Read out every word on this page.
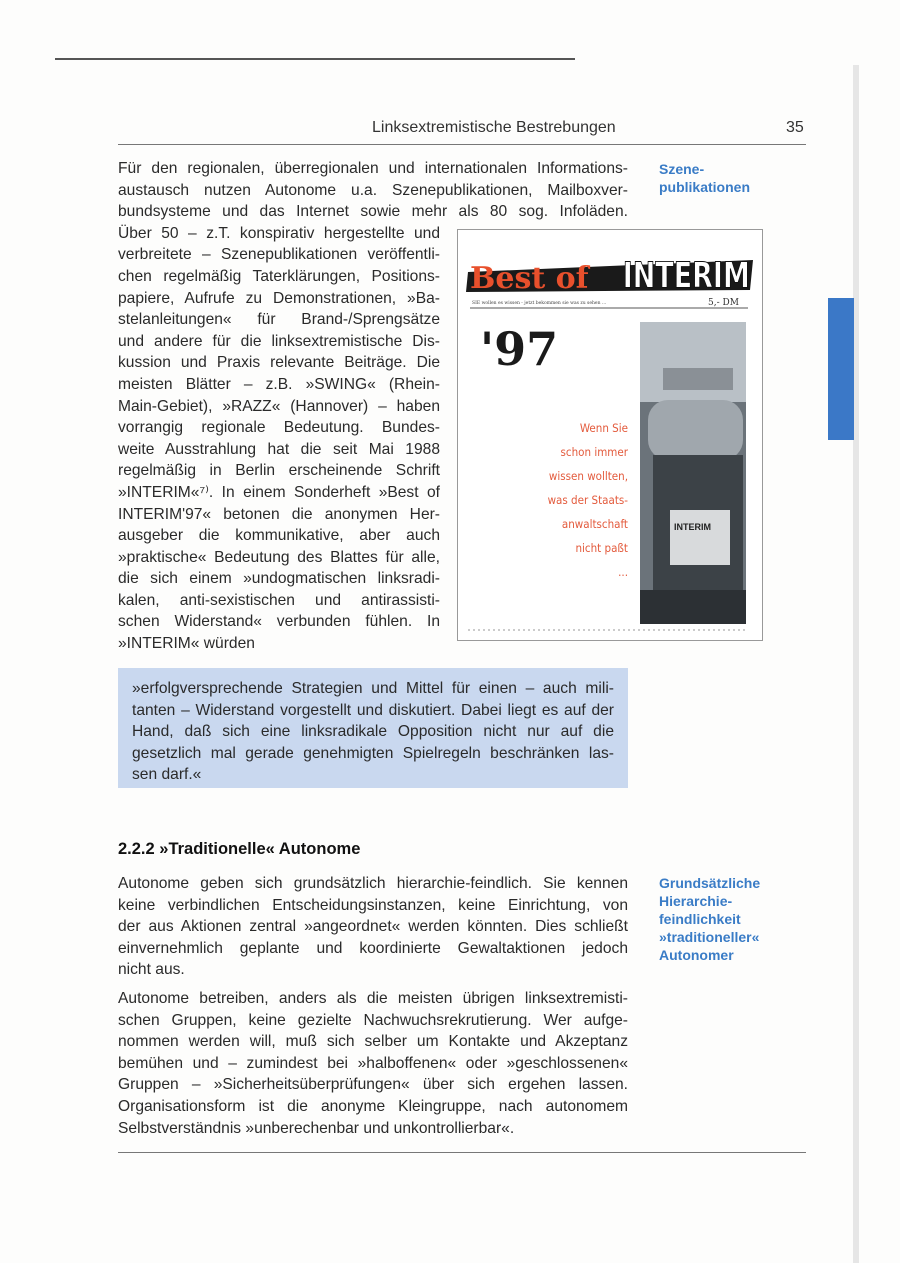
Linksextremistische Bestrebungen	35
Szene-
publikationen
Für den regionalen, überregionalen und internationalen Informations-
austausch nutzen Autonome u.a. Szenepublikationen, Mailboxver-
bundsysteme und das Internet sowie mehr als 80 sog. Infoläden.
Über 50 – z.T. konspirativ hergestellte und
verbreitete – Szenepublikationen veröffentli-
chen regelmäßig Taterklärungen, Positions-
papiere, Aufrufe zu Demonstrationen, »Ba-
stelanleitungen« für Brand-/Sprengsätze
und andere für die linksextremistische Dis-
kussion und Praxis relevante Beiträge. Die
meisten Blätter – z.B. »SWING« (Rhein-
Main-Gebiet), »RAZZ« (Hannover) – haben
vorrangig regionale Bedeutung. Bundes-
weite Ausstrahlung hat die seit Mai 1988
regelmäßig in Berlin erscheinende Schrift
»INTERIM«⁷⁾. In einem Sonderheft »Best of
INTERIM'97« betonen die anonymen Her-
ausgeber die kommunikative, aber auch
»praktische« Bedeutung des Blattes für alle,
die sich einem »undogmatischen linksradi-
kalen, anti-sexistischen und antirassisti-
schen Widerstand« verbunden fühlen. In
»INTERIM« würden
Best of INTERIM
SIE wollen es wissen - jetzt bekommen sie was zu sehen ...	5,- DM
'97
INTERIM
Wenn Sie
schon immer
wissen wollten,
was der Staats-
anwaltschaft
nicht paßt
...
»erfolgversprechende Strategien und Mittel für einen – auch mili-
tanten – Widerstand vorgestellt und diskutiert. Dabei liegt es auf der
Hand, daß sich eine linksradikale Opposition nicht nur auf die
gesetzlich mal gerade genehmigten Spielregeln beschränken las-
sen darf.«
2.2.2 »Traditionelle« Autonome
Grundsätzliche
Hierarchie-
feindlichkeit
»traditioneller«
Autonomer
Autonome geben sich grundsätzlich hierarchie-feindlich. Sie kennen
keine verbindlichen Entscheidungsinstanzen, keine Einrichtung, von
der aus Aktionen zentral »angeordnet« werden könnten. Dies schließt
einvernehmlich geplante und koordinierte Gewaltaktionen jedoch
nicht aus.
Autonome betreiben, anders als die meisten übrigen linksextremisti-
schen Gruppen, keine gezielte Nachwuchsrekrutierung. Wer aufge-
nommen werden will, muß sich selber um Kontakte und Akzeptanz
bemühen und – zumindest bei »halboffenen« oder »geschlossenen«
Gruppen – »Sicherheitsüberprüfungen« über sich ergehen lassen.
Organisationsform ist die anonyme Kleingruppe, nach autonomem
Selbstverständnis »unberechenbar und unkontrollierbar«.
